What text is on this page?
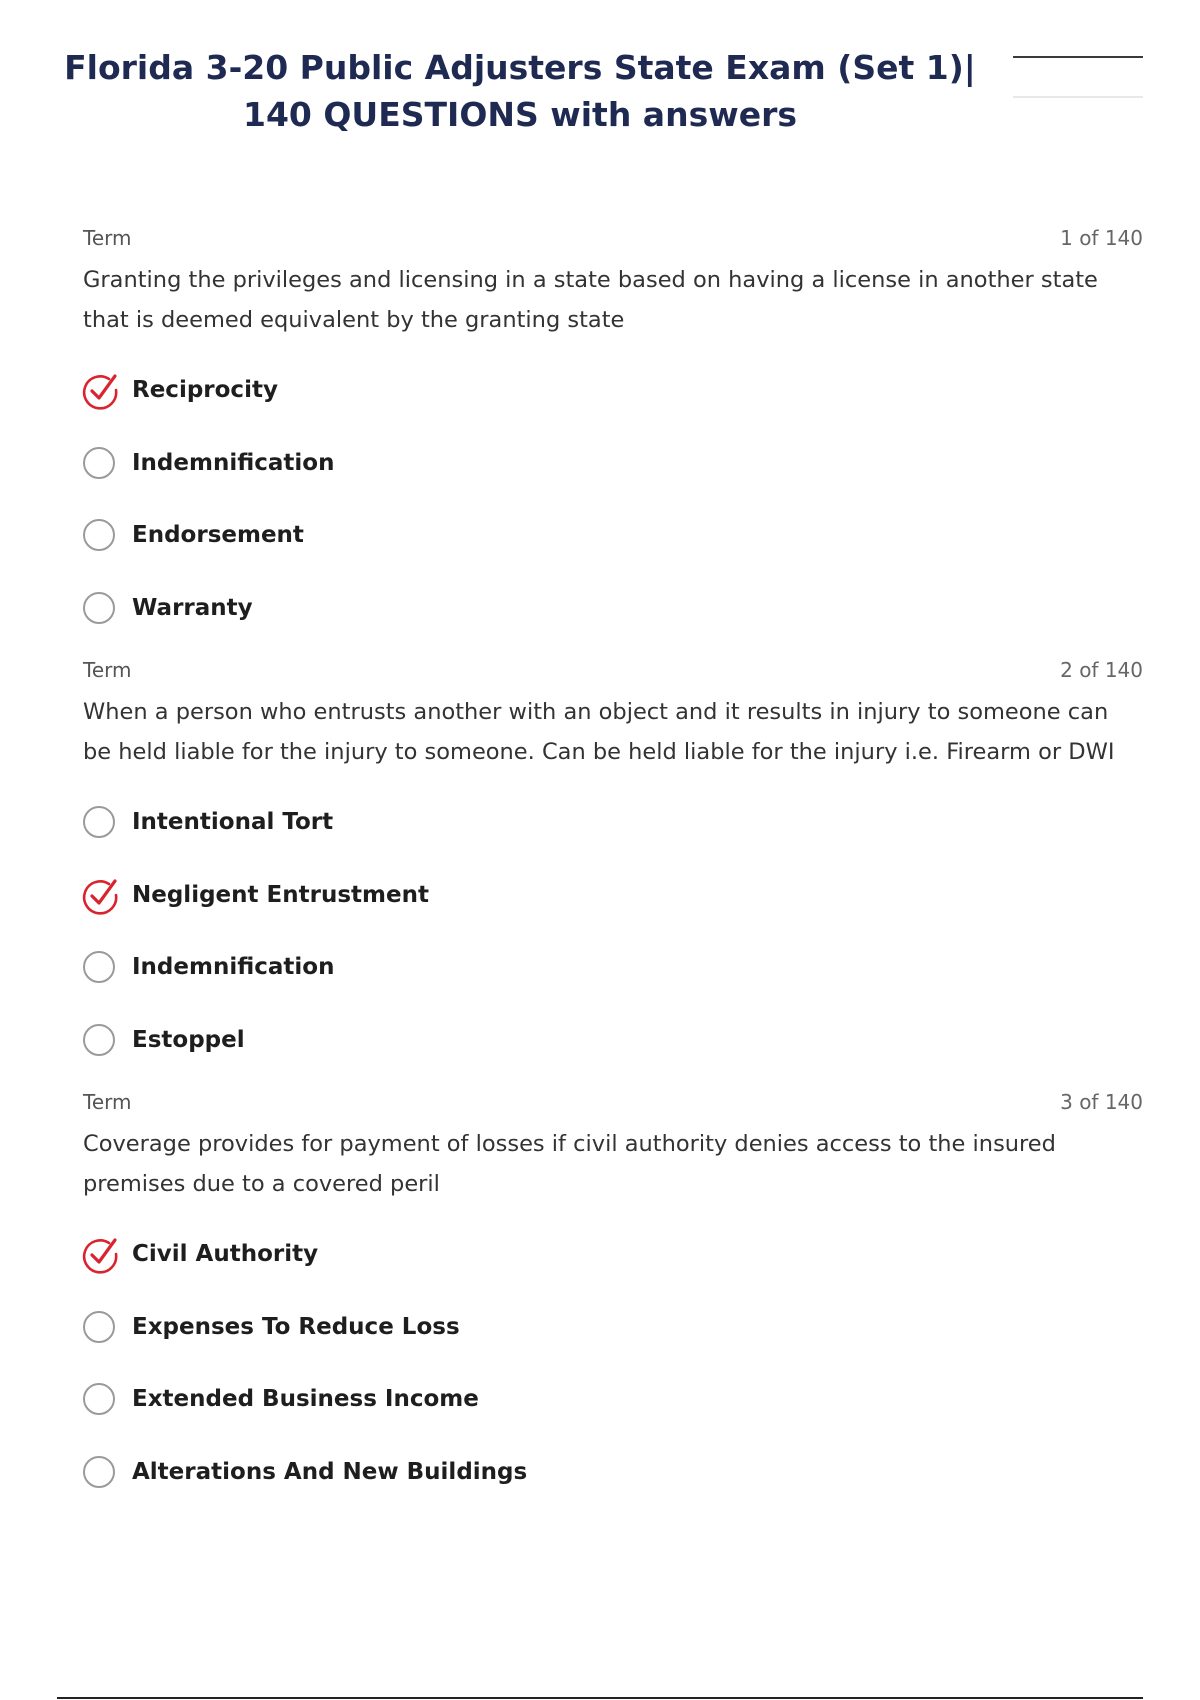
Florida 3-20 Public Adjusters State Exam (Set 1)|
140 QUESTIONS with answers
Term	1 of 140
Granting the privileges and licensing in a state based on having a license in another state that is deemed equivalent by the granting state
Reciprocity
Indemnification
Endorsement
Warranty
Term	2 of 140
When a person who entrusts another with an object and it results in injury to someone can be held liable for the injury to someone. Can be held liable for the injury i.e. Firearm or DWI
Intentional Tort
Negligent Entrustment
Indemnification
Estoppel
Term	3 of 140
Coverage provides for payment of losses if civil authority denies access to the insured premises due to a covered peril
Civil Authority
Expenses To Reduce Loss
Extended Business Income
Alterations And New Buildings
